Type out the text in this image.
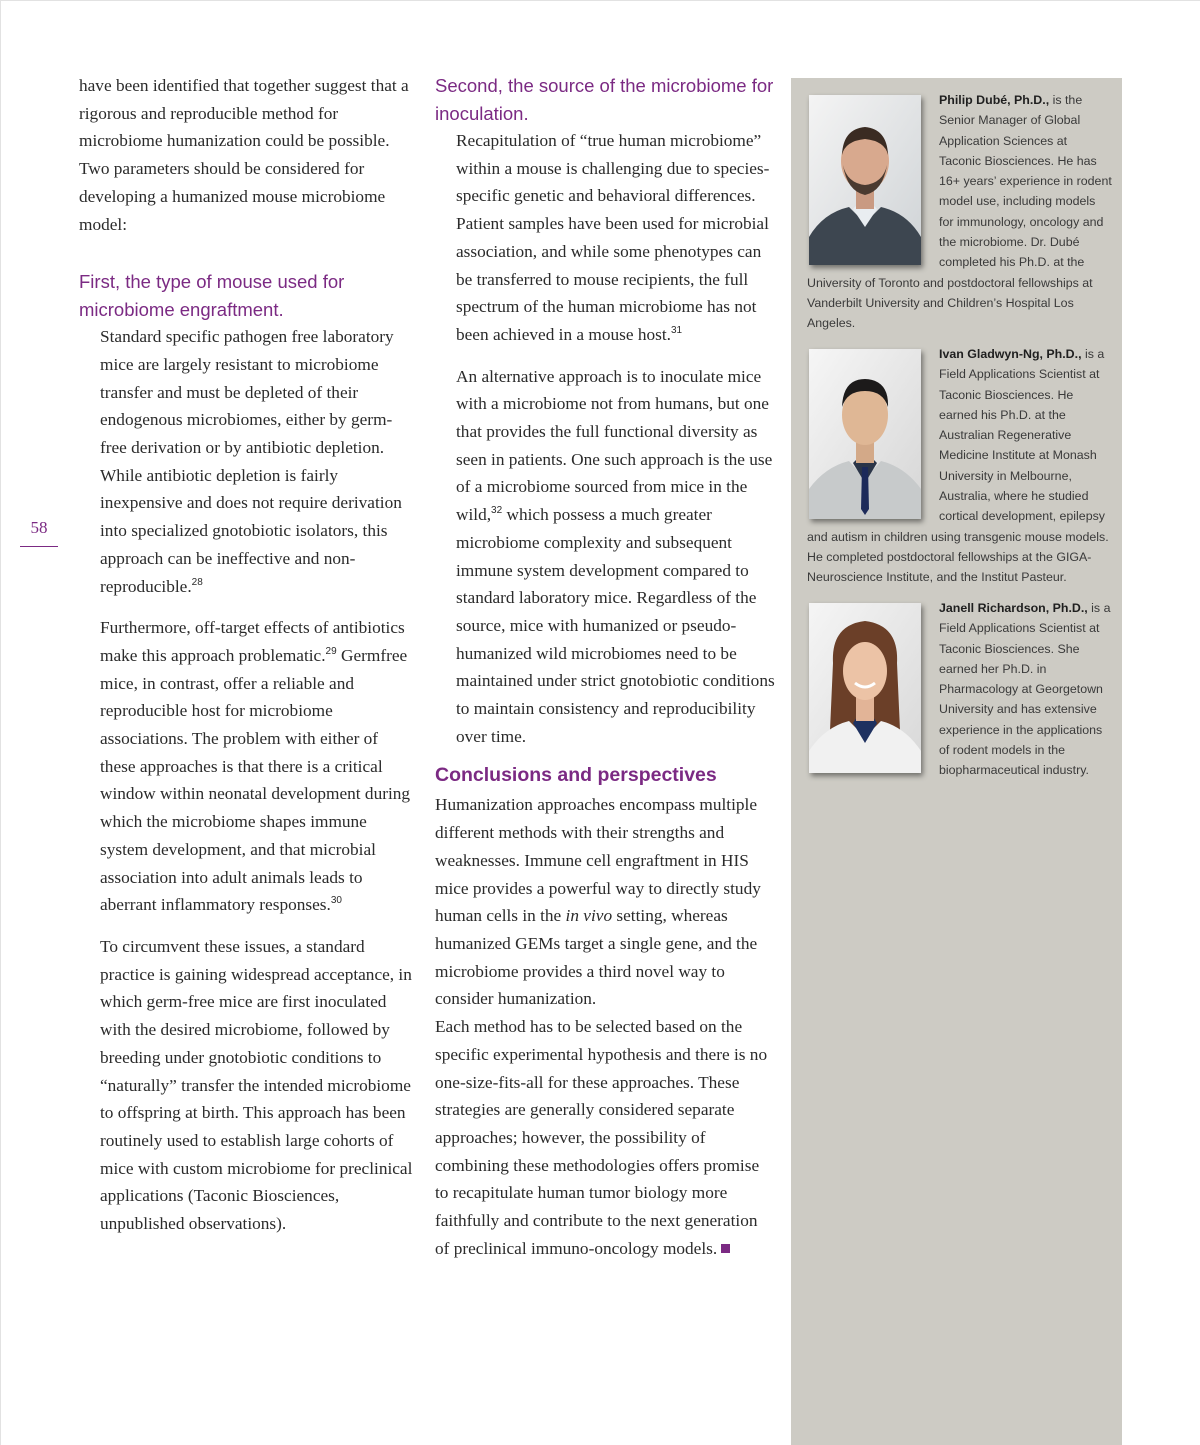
58

have been identified that together suggest that a rigorous and reproducible method for microbiome humanization could be possible. Two parameters should be considered for developing a humanized mouse microbiome model:

First, the type of mouse used for microbiome engraftment.

Standard specific pathogen free laboratory mice are largely resistant to microbiome transfer and must be depleted of their endogenous microbiomes, either by germ-free derivation or by antibiotic depletion. While antibiotic depletion is fairly inexpensive and does not require derivation into specialized gnotobiotic isolators, this approach can be ineffective and non-reproducible.$^{28}$

Furthermore, off-target effects of antibiotics make this approach problematic.$^{29}$ Germfree mice, in contrast, offer a reliable and reproducible host for microbiome associations. The problem with either of these approaches is that there is a critical window within neonatal development during which the microbiome shapes immune system development, and that microbial association into adult animals leads to aberrant inflammatory responses.$^{30}$

To circumvent these issues, a standard practice is gaining widespread acceptance, in which germ-free mice are first inoculated with the desired microbiome, followed by breeding under gnotobiotic conditions to “naturally” transfer the intended microbiome to offspring at birth. This approach has been routinely used to establish large cohorts of mice with custom microbiome for preclinical applications (Taconic Biosciences, unpublished observations).

Second, the source of the microbiome for inoculation.

Recapitulation of “true human microbiome” within a mouse is challenging due to species-specific genetic and behavioral differences. Patient samples have been used for microbial association, and while some phenotypes can be transferred to mouse recipients, the full spectrum of the human microbiome has not been achieved in a mouse host.$^{31}$

An alternative approach is to inoculate mice with a microbiome not from humans, but one that provides the full functional diversity as seen in patients. One such approach is the use of a microbiome sourced from mice in the wild,$^{32}$ which possess a much greater microbiome complexity and subsequent immune system development compared to standard laboratory mice. Regardless of the source, mice with humanized or pseudo-humanized wild microbiomes need to be maintained under strict gnotobiotic conditions to maintain consistency and reproducibility over time.

Conclusions and perspectives

Humanization approaches encompass multiple different methods with their strengths and weaknesses. Immune cell engraftment in HIS mice provides a powerful way to directly study human cells in the in vivo setting, whereas humanized GEMs target a single gene, and the microbiome provides a third novel way to consider humanization.

Each method has to be selected based on the specific experimental hypothesis and there is no one-size-fits-all for these approaches. These strategies are generally considered separate approaches; however, the possibility of combining these methodologies offers promise to recapitulate human tumor biology more faithfully and contribute to the next generation of preclinical immuno-oncology models.

Philip Dubé, Ph.D., is the Senior Manager of Global Application Sciences at Taconic Biosciences. He has 16+ years’ experience in rodent model use, including models for immunology, oncology and the microbiome. Dr. Dubé completed his Ph.D. at the University of Toronto and postdoctoral fellowships at Vanderbilt University and Children’s Hospital Los Angeles.

Ivan Gladwyn-Ng, Ph.D., is a Field Applications Scientist at Taconic Biosciences. He earned his Ph.D. at the Australian Regenerative Medicine Institute at Monash University in Melbourne, Australia, where he studied cortical development, epilepsy and autism in children using transgenic mouse models. He completed postdoctoral fellowships at the GIGA-Neuroscience Institute, and the Institut Pasteur.

Janell Richardson, Ph.D., is a Field Applications Scientist at Taconic Biosciences. She earned her Ph.D. in Pharmacology at Georgetown University and has extensive experience in the applications of rodent models in the biopharmaceutical industry.
